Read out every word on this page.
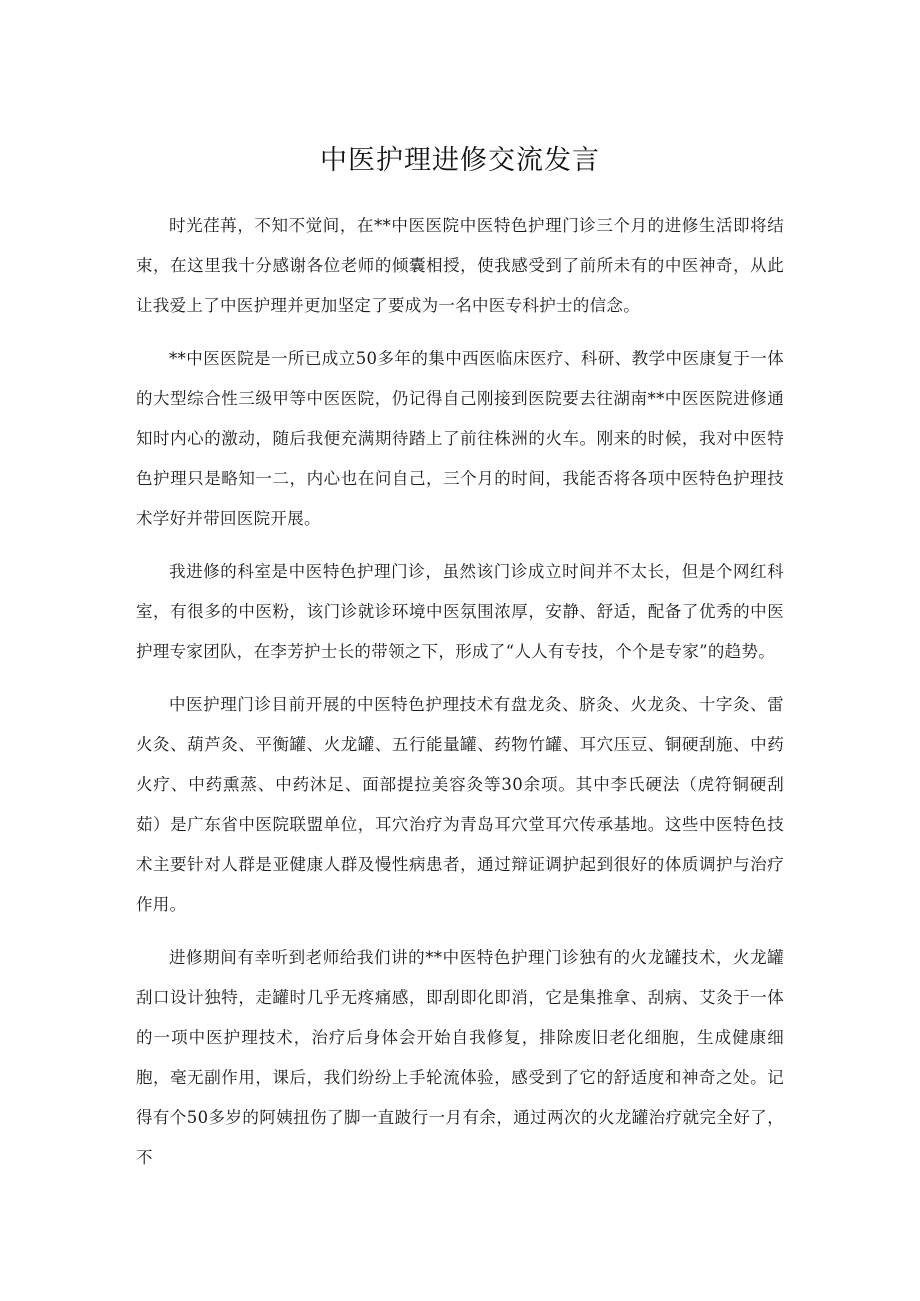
中医护理进修交流发言

时光荏苒，不知不觉间，在**中医医院中医特色护理门诊三个月的进修生活即将结束，在这里我十分感谢各位老师的倾囊相授，使我感受到了前所未有的中医神奇，从此让我爱上了中医护理并更加坚定了要成为一名中医专科护士的信念。

**中医医院是一所已成立50多年的集中西医临床医疗、科研、教学中医康复于一体的大型综合性三级甲等中医医院，仍记得自己刚接到医院要去往湖南**中医医院进修通知时内心的激动，随后我便充满期待踏上了前往株洲的火车。刚来的时候，我对中医特色护理只是略知一二，内心也在问自己，三个月的时间，我能否将各项中医特色护理技术学好并带回医院开展。

我进修的科室是中医特色护理门诊，虽然该门诊成立时间并不太长，但是个网红科室，有很多的中医粉，该门诊就诊环境中医氛围浓厚，安静、舒适，配备了优秀的中医护理专家团队，在李芳护士长的带领之下，形成了“人人有专技，个个是专家”的趋势。

中医护理门诊目前开展的中医特色护理技术有盘龙灸、脐灸、火龙灸、十字灸、雷火灸、葫芦灸、平衡罐、火龙罐、五行能量罐、药物竹罐、耳穴压豆、铜硬刮施、中药火疗、中药熏蒸、中药沐足、面部提拉美容灸等30余项。其中李氏硬法（虎符铜硬刮茹）是广东省中医院联盟单位，耳穴治疗为青岛耳穴堂耳穴传承基地。这些中医特色技术主要针对人群是亚健康人群及慢性病患者，通过辩证调护起到很好的体质调护与治疗作用。

进修期间有幸听到老师给我们讲的**中医特色护理门诊独有的火龙罐技术，火龙罐刮口设计独特，走罐时几乎无疼痛感，即刮即化即消，它是集推拿、刮病、艾灸于一体的一项中医护理技术，治疗后身体会开始自我修复，排除废旧老化细胞，生成健康细胞，毫无副作用，课后，我们纷纷上手轮流体验，感受到了它的舒适度和神奇之处。记得有个50多岁的阿姨扭伤了脚一直跛行一月有余，通过两次的火龙罐治疗就完全好了，不
